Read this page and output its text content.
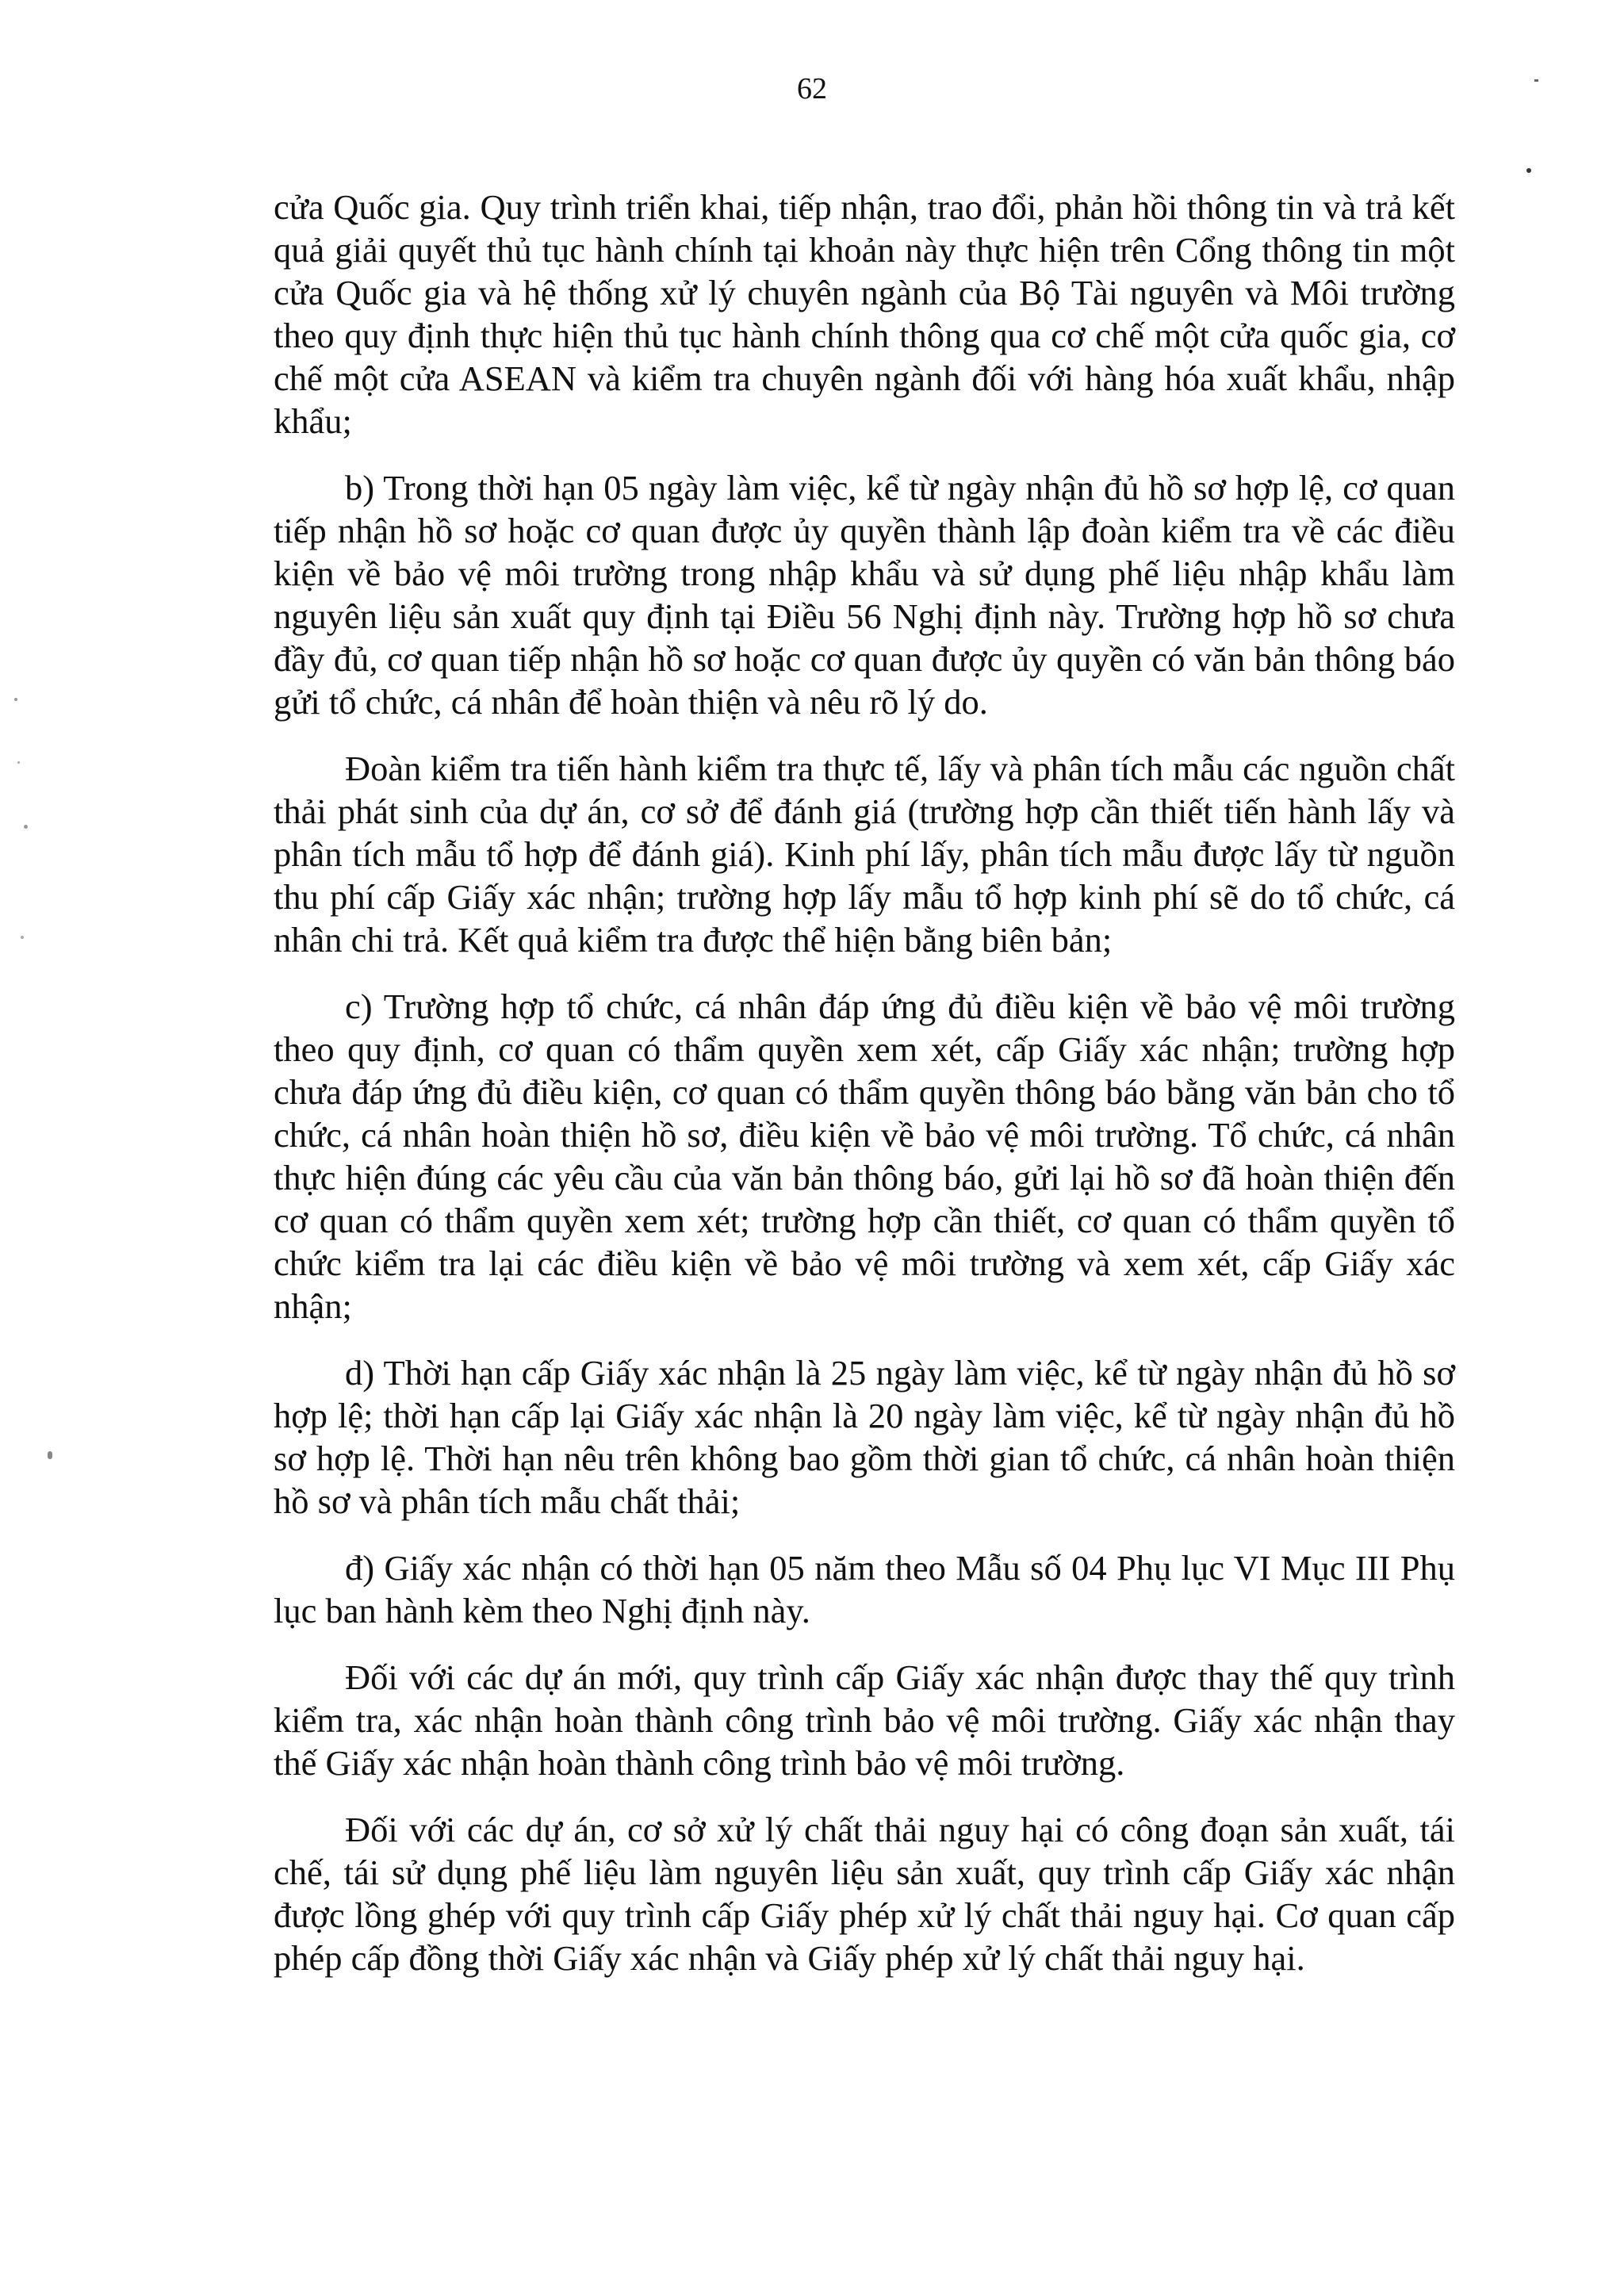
62

cửa Quốc gia. Quy trình triển khai, tiếp nhận, trao đổi, phản hồi thông tin và trả kết quả giải quyết thủ tục hành chính tại khoản này thực hiện trên Cổng thông tin một cửa Quốc gia và hệ thống xử lý chuyên ngành của Bộ Tài nguyên và Môi trường theo quy định thực hiện thủ tục hành chính thông qua cơ chế một cửa quốc gia, cơ chế một cửa ASEAN và kiểm tra chuyên ngành đối với hàng hóa xuất khẩu, nhập khẩu;

b) Trong thời hạn 05 ngày làm việc, kể từ ngày nhận đủ hồ sơ hợp lệ, cơ quan tiếp nhận hồ sơ hoặc cơ quan được ủy quyền thành lập đoàn kiểm tra về các điều kiện về bảo vệ môi trường trong nhập khẩu và sử dụng phế liệu nhập khẩu làm nguyên liệu sản xuất quy định tại Điều 56 Nghị định này. Trường hợp hồ sơ chưa đầy đủ, cơ quan tiếp nhận hồ sơ hoặc cơ quan được ủy quyền có văn bản thông báo gửi tổ chức, cá nhân để hoàn thiện và nêu rõ lý do.

Đoàn kiểm tra tiến hành kiểm tra thực tế, lấy và phân tích mẫu các nguồn chất thải phát sinh của dự án, cơ sở để đánh giá (trường hợp cần thiết tiến hành lấy và phân tích mẫu tổ hợp để đánh giá). Kinh phí lấy, phân tích mẫu được lấy từ nguồn thu phí cấp Giấy xác nhận; trường hợp lấy mẫu tổ hợp kinh phí sẽ do tổ chức, cá nhân chi trả. Kết quả kiểm tra được thể hiện bằng biên bản;

c) Trường hợp tổ chức, cá nhân đáp ứng đủ điều kiện về bảo vệ môi trường theo quy định, cơ quan có thẩm quyền xem xét, cấp Giấy xác nhận; trường hợp chưa đáp ứng đủ điều kiện, cơ quan có thẩm quyền thông báo bằng văn bản cho tổ chức, cá nhân hoàn thiện hồ sơ, điều kiện về bảo vệ môi trường. Tổ chức, cá nhân thực hiện đúng các yêu cầu của văn bản thông báo, gửi lại hồ sơ đã hoàn thiện đến cơ quan có thẩm quyền xem xét; trường hợp cần thiết, cơ quan có thẩm quyền tổ chức kiểm tra lại các điều kiện về bảo vệ môi trường và xem xét, cấp Giấy xác nhận;

d) Thời hạn cấp Giấy xác nhận là 25 ngày làm việc, kể từ ngày nhận đủ hồ sơ hợp lệ; thời hạn cấp lại Giấy xác nhận là 20 ngày làm việc, kể từ ngày nhận đủ hồ sơ hợp lệ. Thời hạn nêu trên không bao gồm thời gian tổ chức, cá nhân hoàn thiện hồ sơ và phân tích mẫu chất thải;

đ) Giấy xác nhận có thời hạn 05 năm theo Mẫu số 04 Phụ lục VI Mục III Phụ lục ban hành kèm theo Nghị định này.

Đối với các dự án mới, quy trình cấp Giấy xác nhận được thay thế quy trình kiểm tra, xác nhận hoàn thành công trình bảo vệ môi trường. Giấy xác nhận thay thế Giấy xác nhận hoàn thành công trình bảo vệ môi trường.

Đối với các dự án, cơ sở xử lý chất thải nguy hại có công đoạn sản xuất, tái chế, tái sử dụng phế liệu làm nguyên liệu sản xuất, quy trình cấp Giấy xác nhận được lồng ghép với quy trình cấp Giấy phép xử lý chất thải nguy hại. Cơ quan cấp phép cấp đồng thời Giấy xác nhận và Giấy phép xử lý chất thải nguy hại.
